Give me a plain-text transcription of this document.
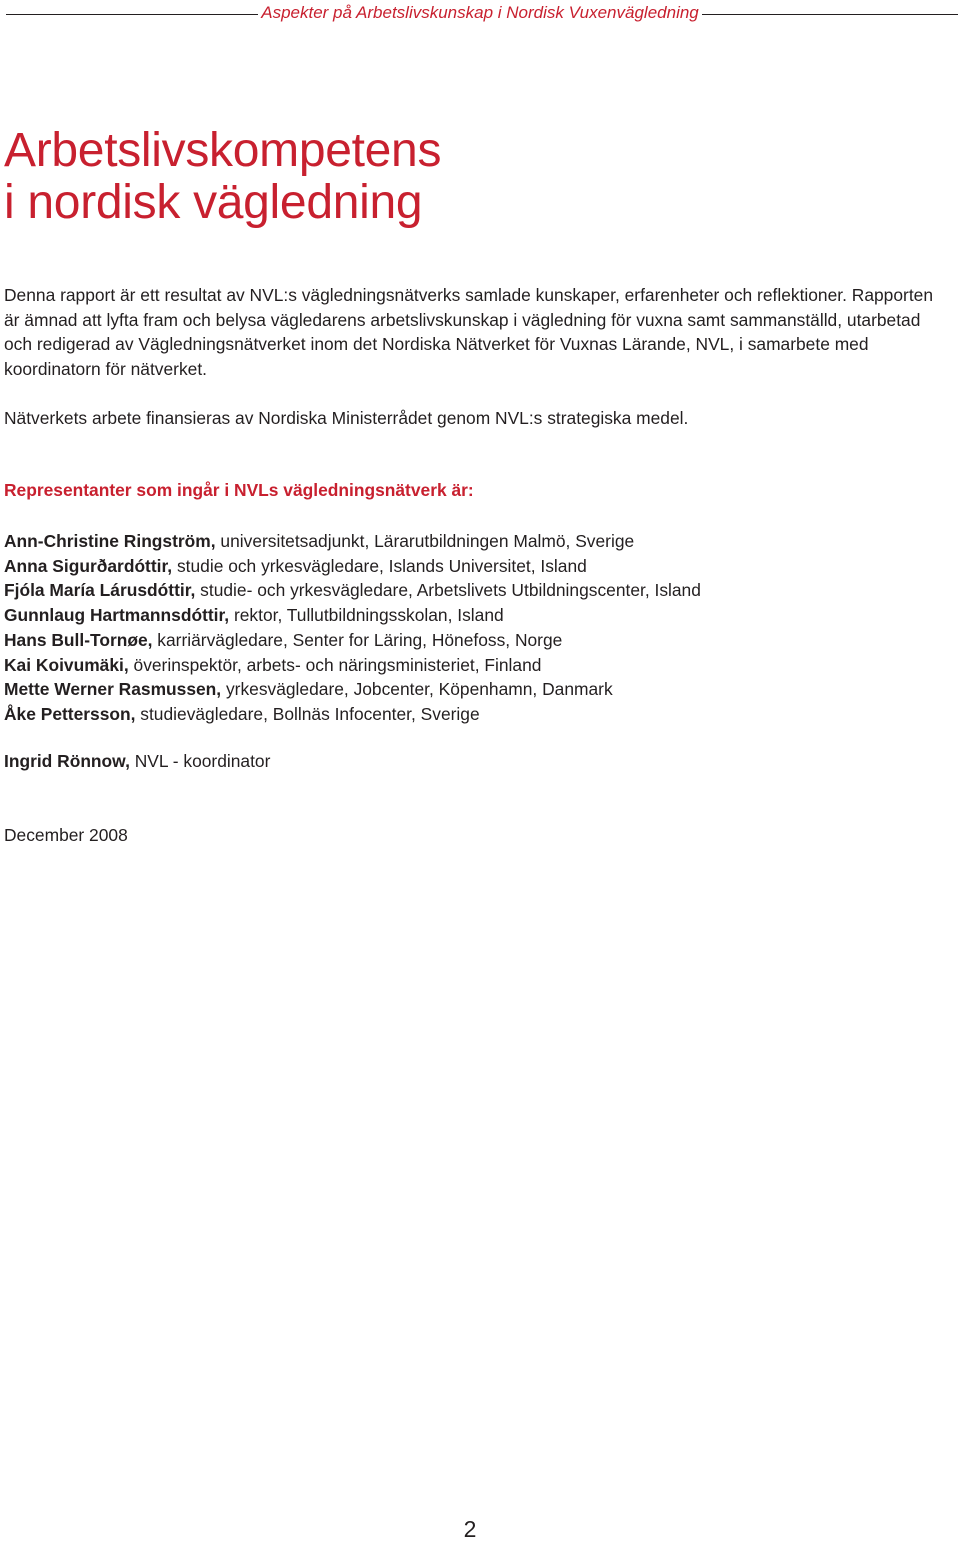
Aspekter på Arbetslivskunskap i Nordisk Vuxenvägledning
Arbetslivskompetens
i nordisk vägledning

Denna rapport är ett resultat av NVL:s vägledningsnätverks samlade kunskaper, erfarenheter och reflektioner. Rapporten är ämnad att lyfta fram och belysa vägledarens arbetslivskunskap i vägledning för vuxna samt sammanställd, utarbetad och redigerad av Vägledningsnätverket inom det Nordiska Nätverket för Vuxnas Lärande, NVL, i samarbete med koordinatorn för nätverket.

Nätverkets arbete finansieras av Nordiska Ministerrådet genom NVL:s strategiska medel.

Representanter som ingår i NVLs vägledningsnätverk är:
Ann-Christine Ringström, universitetsadjunkt, Lärarutbildningen Malmö, Sverige
Anna Sigurðardóttir, studie och yrkesvägledare, Islands Universitet, Island
Fjóla María Lárusdóttir, studie- och yrkesvägledare, Arbetslivets Utbildningscenter, Island
Gunnlaug Hartmannsdóttir, rektor, Tullutbildningsskolan, Island
Hans Bull-Tornøe, karriärvägledare, Senter for Läring, Hönefoss, Norge
Kai Koivumäki, överinspektör, arbets- och näringsministeriet, Finland
Mette Werner Rasmussen, yrkesvägledare, Jobcenter, Köpenhamn, Danmark
Åke Pettersson, studievägledare, Bollnäs Infocenter, Sverige
Ingrid Rönnow, NVL - koordinator
December 2008
2
